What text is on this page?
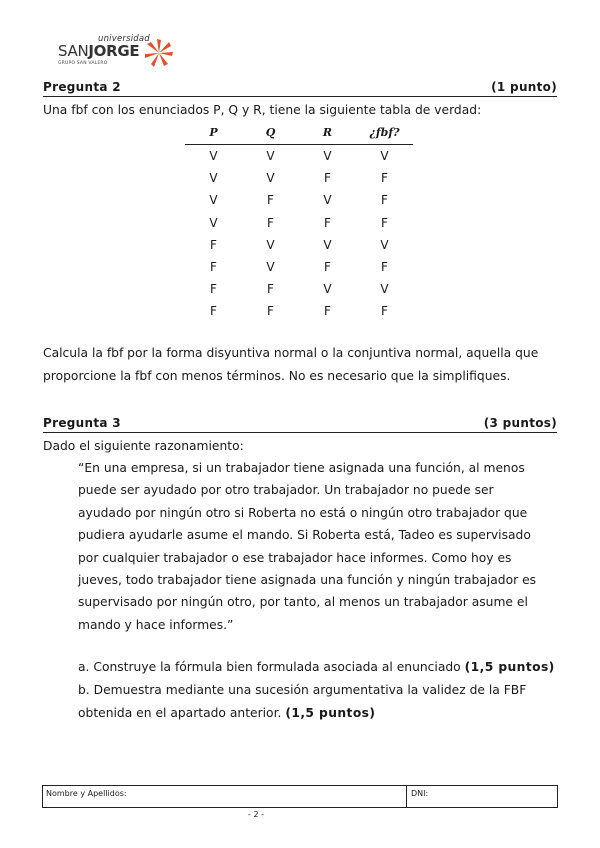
universidad
SANJORGE
GRUPO SAN VALERO
Pregunta 2	(1 punto)
Una fbf con los enunciados P, Q y R, tiene la siguiente tabla de verdad:
P	Q	R	¿fbf?
V	V	V	V
V	V	F	F
V	F	V	F
V	F	F	F
F	V	V	V
F	V	F	F
F	F	V	V
F	F	F	F
Calcula la fbf por la forma disyuntiva normal o la conjuntiva normal, aquella que proporcione la fbf con menos términos. No es necesario que la simplifiques.
Pregunta 3	(3 puntos)
Dado el siguiente razonamiento:
“En una empresa, si un trabajador tiene asignada una función, al menos puede ser ayudado por otro trabajador. Un trabajador no puede ser ayudado por ningún otro si Roberta no está o ningún otro trabajador que pudiera ayudarle asume el mando. Si Roberta está, Tadeo es supervisado por cualquier trabajador o ese trabajador hace informes. Como hoy es jueves, todo trabajador tiene asignada una función y ningún trabajador es supervisado por ningún otro, por tanto, al menos un trabajador asume el mando y hace informes.”
a. Construye la fórmula bien formulada asociada al enunciado (1,5 puntos)
b. Demuestra mediante una sucesión argumentativa la validez de la FBF obtenida en el apartado anterior. (1,5 puntos)
Nombre y Apellidos:	DNI:
- 2 -
